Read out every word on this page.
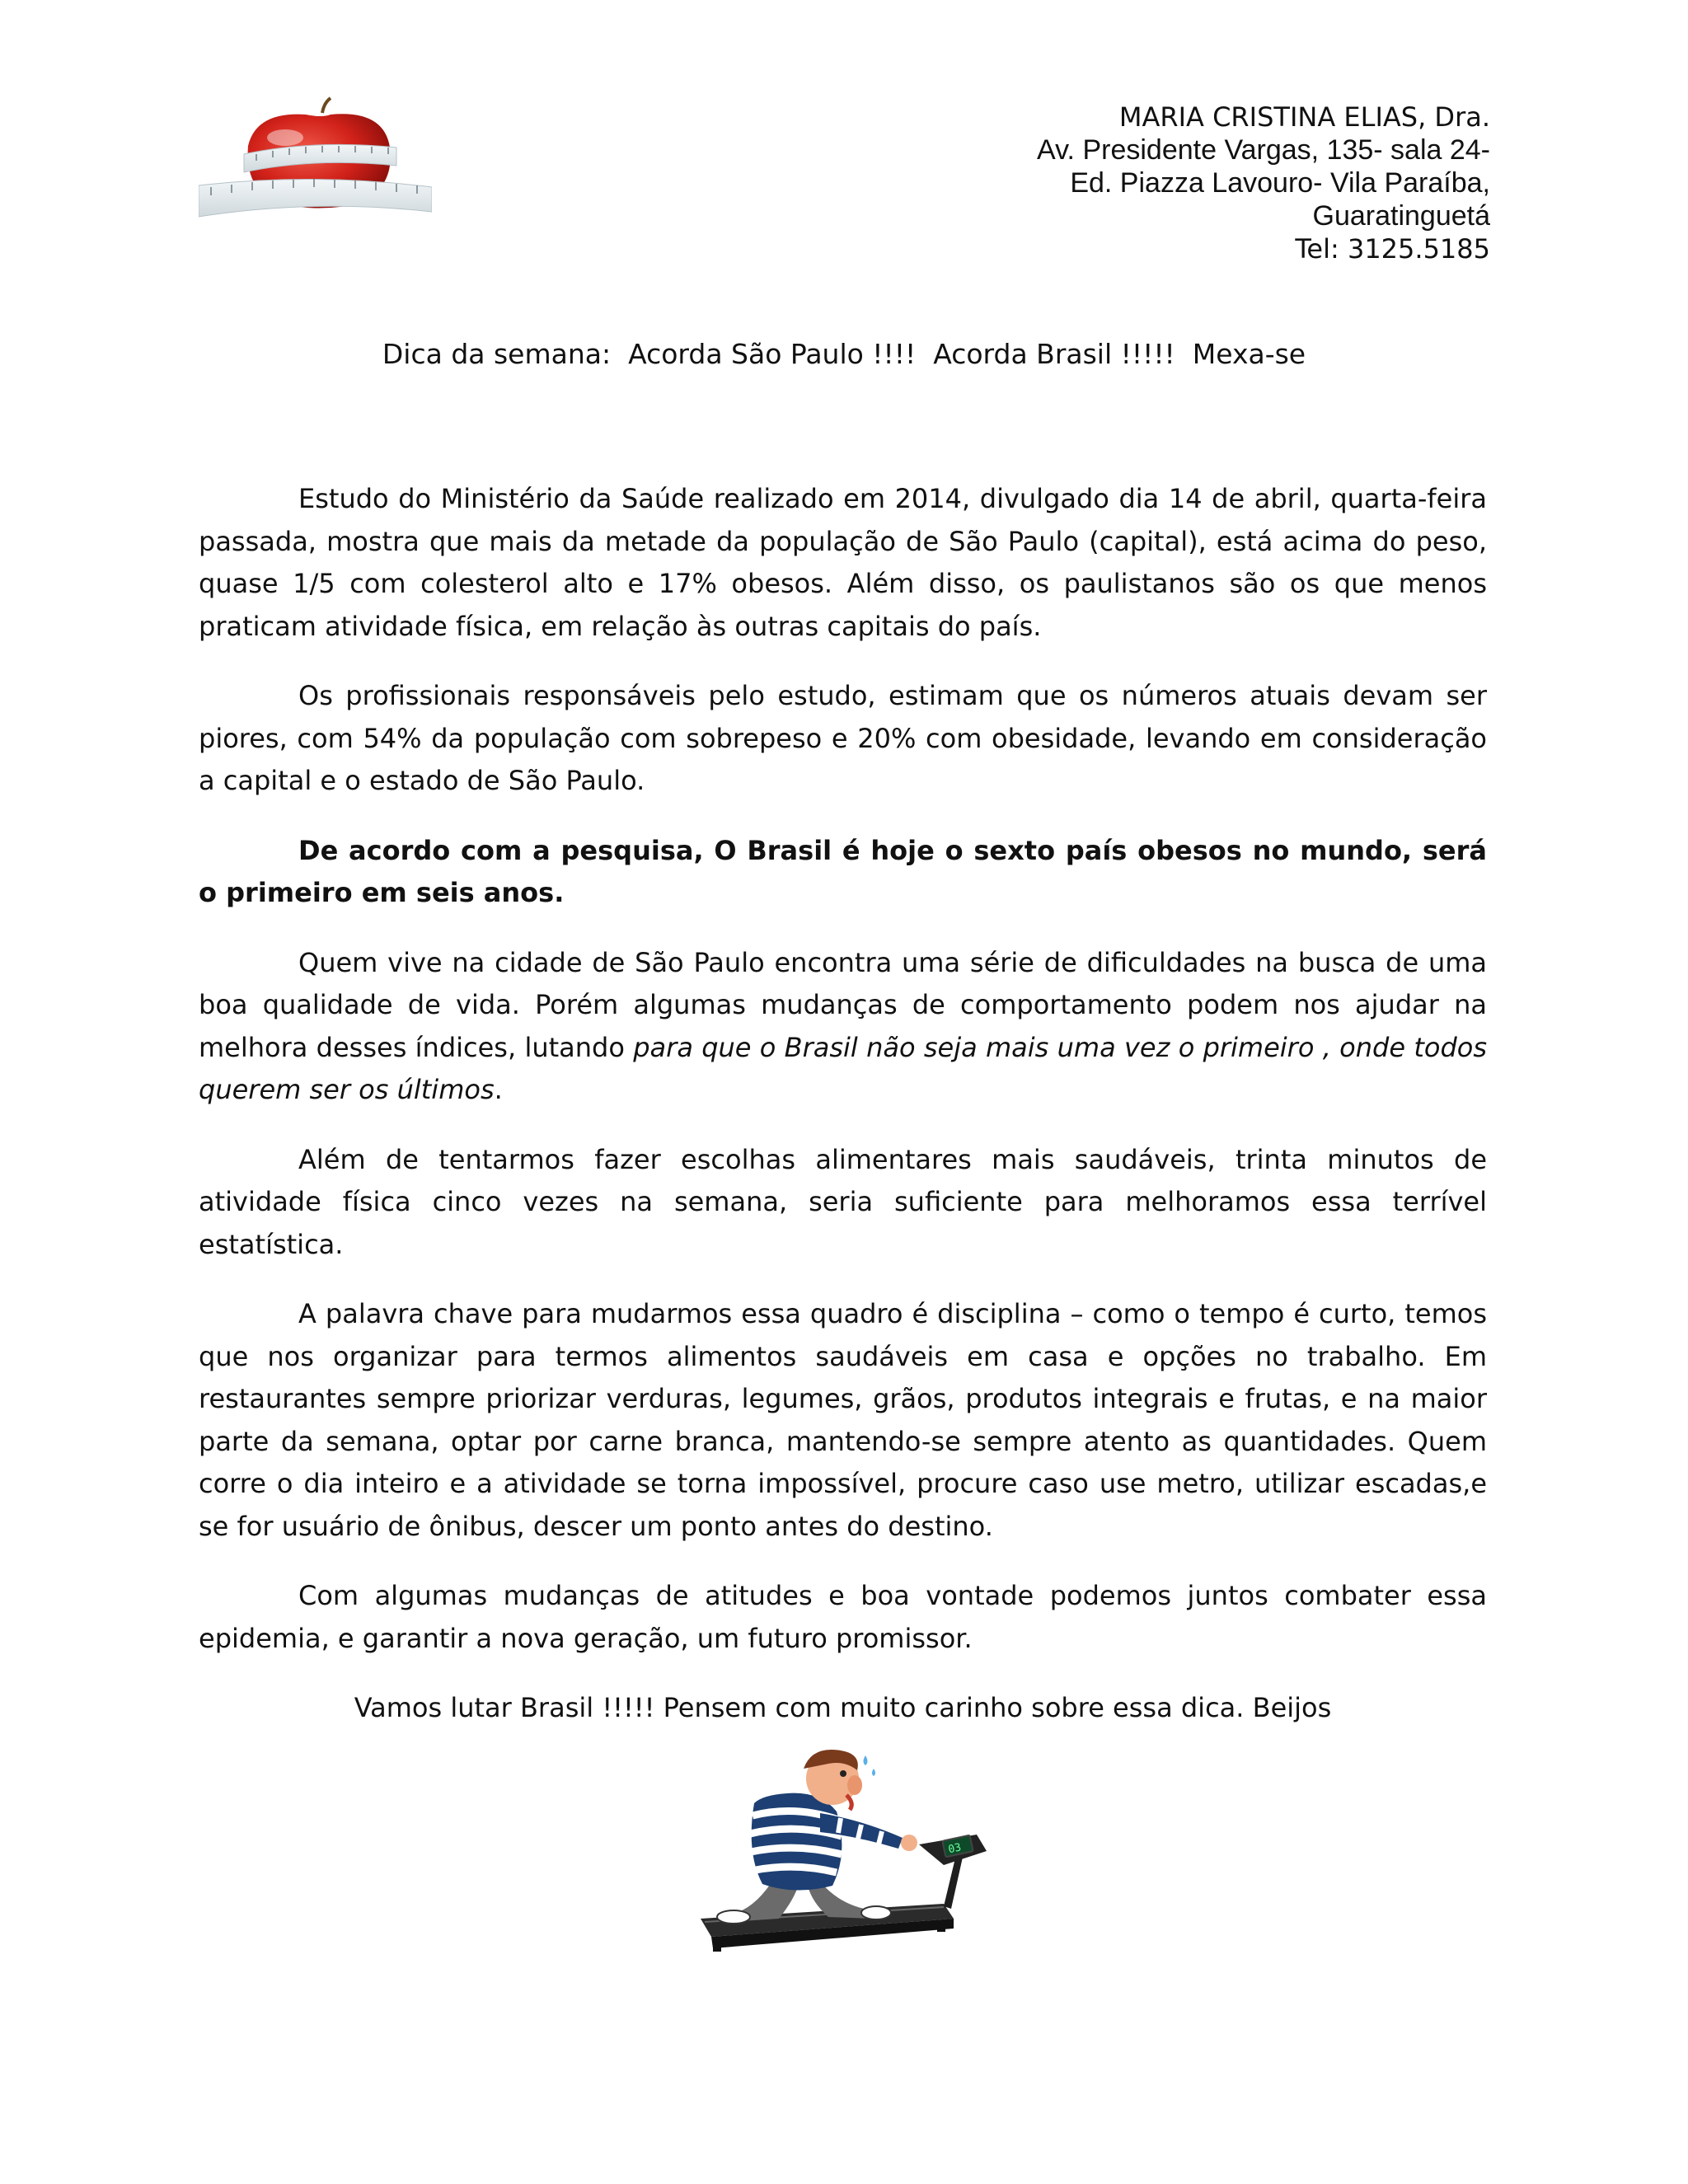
MARIA CRISTINA ELIAS, Dra.
Av. Presidente Vargas, 135- sala 24-
Ed. Piazza Lavouro- Vila Paraíba,
Guaratinguetá
Tel: 3125.5185
Dica da semana:  Acorda São Paulo !!!!  Acorda Brasil !!!!!  Mexa-se

Estudo do Ministério da Saúde realizado em 2014, divulgado dia 14 de abril, quarta-feira passada, mostra que mais da metade da população de São Paulo (capital), está acima do peso, quase 1/5 com colesterol alto e 17% obesos. Além disso, os paulistanos são os que menos praticam atividade física, em relação às outras capitais do país.

Os profissionais responsáveis pelo estudo, estimam que os números atuais devam ser piores, com 54% da população com sobrepeso e 20% com obesidade, levando em consideração a capital e o estado de São Paulo.

De acordo com a pesquisa, O Brasil é hoje o sexto país obesos no mundo, será o primeiro em seis anos.

Quem vive na cidade de São Paulo encontra uma série de dificuldades na busca de uma boa qualidade de vida. Porém algumas mudanças de comportamento podem nos ajudar na melhora desses índices, lutando para que o Brasil não seja mais uma vez o primeiro , onde todos querem ser os últimos.

Além de tentarmos fazer escolhas alimentares mais saudáveis, trinta minutos de atividade física cinco vezes na semana, seria suficiente para melhoramos essa terrível estatística.

A palavra chave para mudarmos essa quadro é disciplina – como o tempo é curto, temos que nos organizar para termos alimentos saudáveis em casa e opções no trabalho. Em restaurantes sempre priorizar verduras, legumes, grãos, produtos integrais e frutas, e na maior parte da semana, optar por carne branca, mantendo-se sempre atento as quantidades. Quem corre o dia inteiro e a atividade se torna impossível, procure caso use metro, utilizar escadas,e se for usuário de ônibus, descer um ponto antes do destino.

Com algumas mudanças de atitudes e boa vontade podemos juntos combater essa epidemia, e garantir a nova geração, um futuro promissor.

Vamos lutar Brasil !!!!! Pensem com muito carinho sobre essa dica. Beijos

03
